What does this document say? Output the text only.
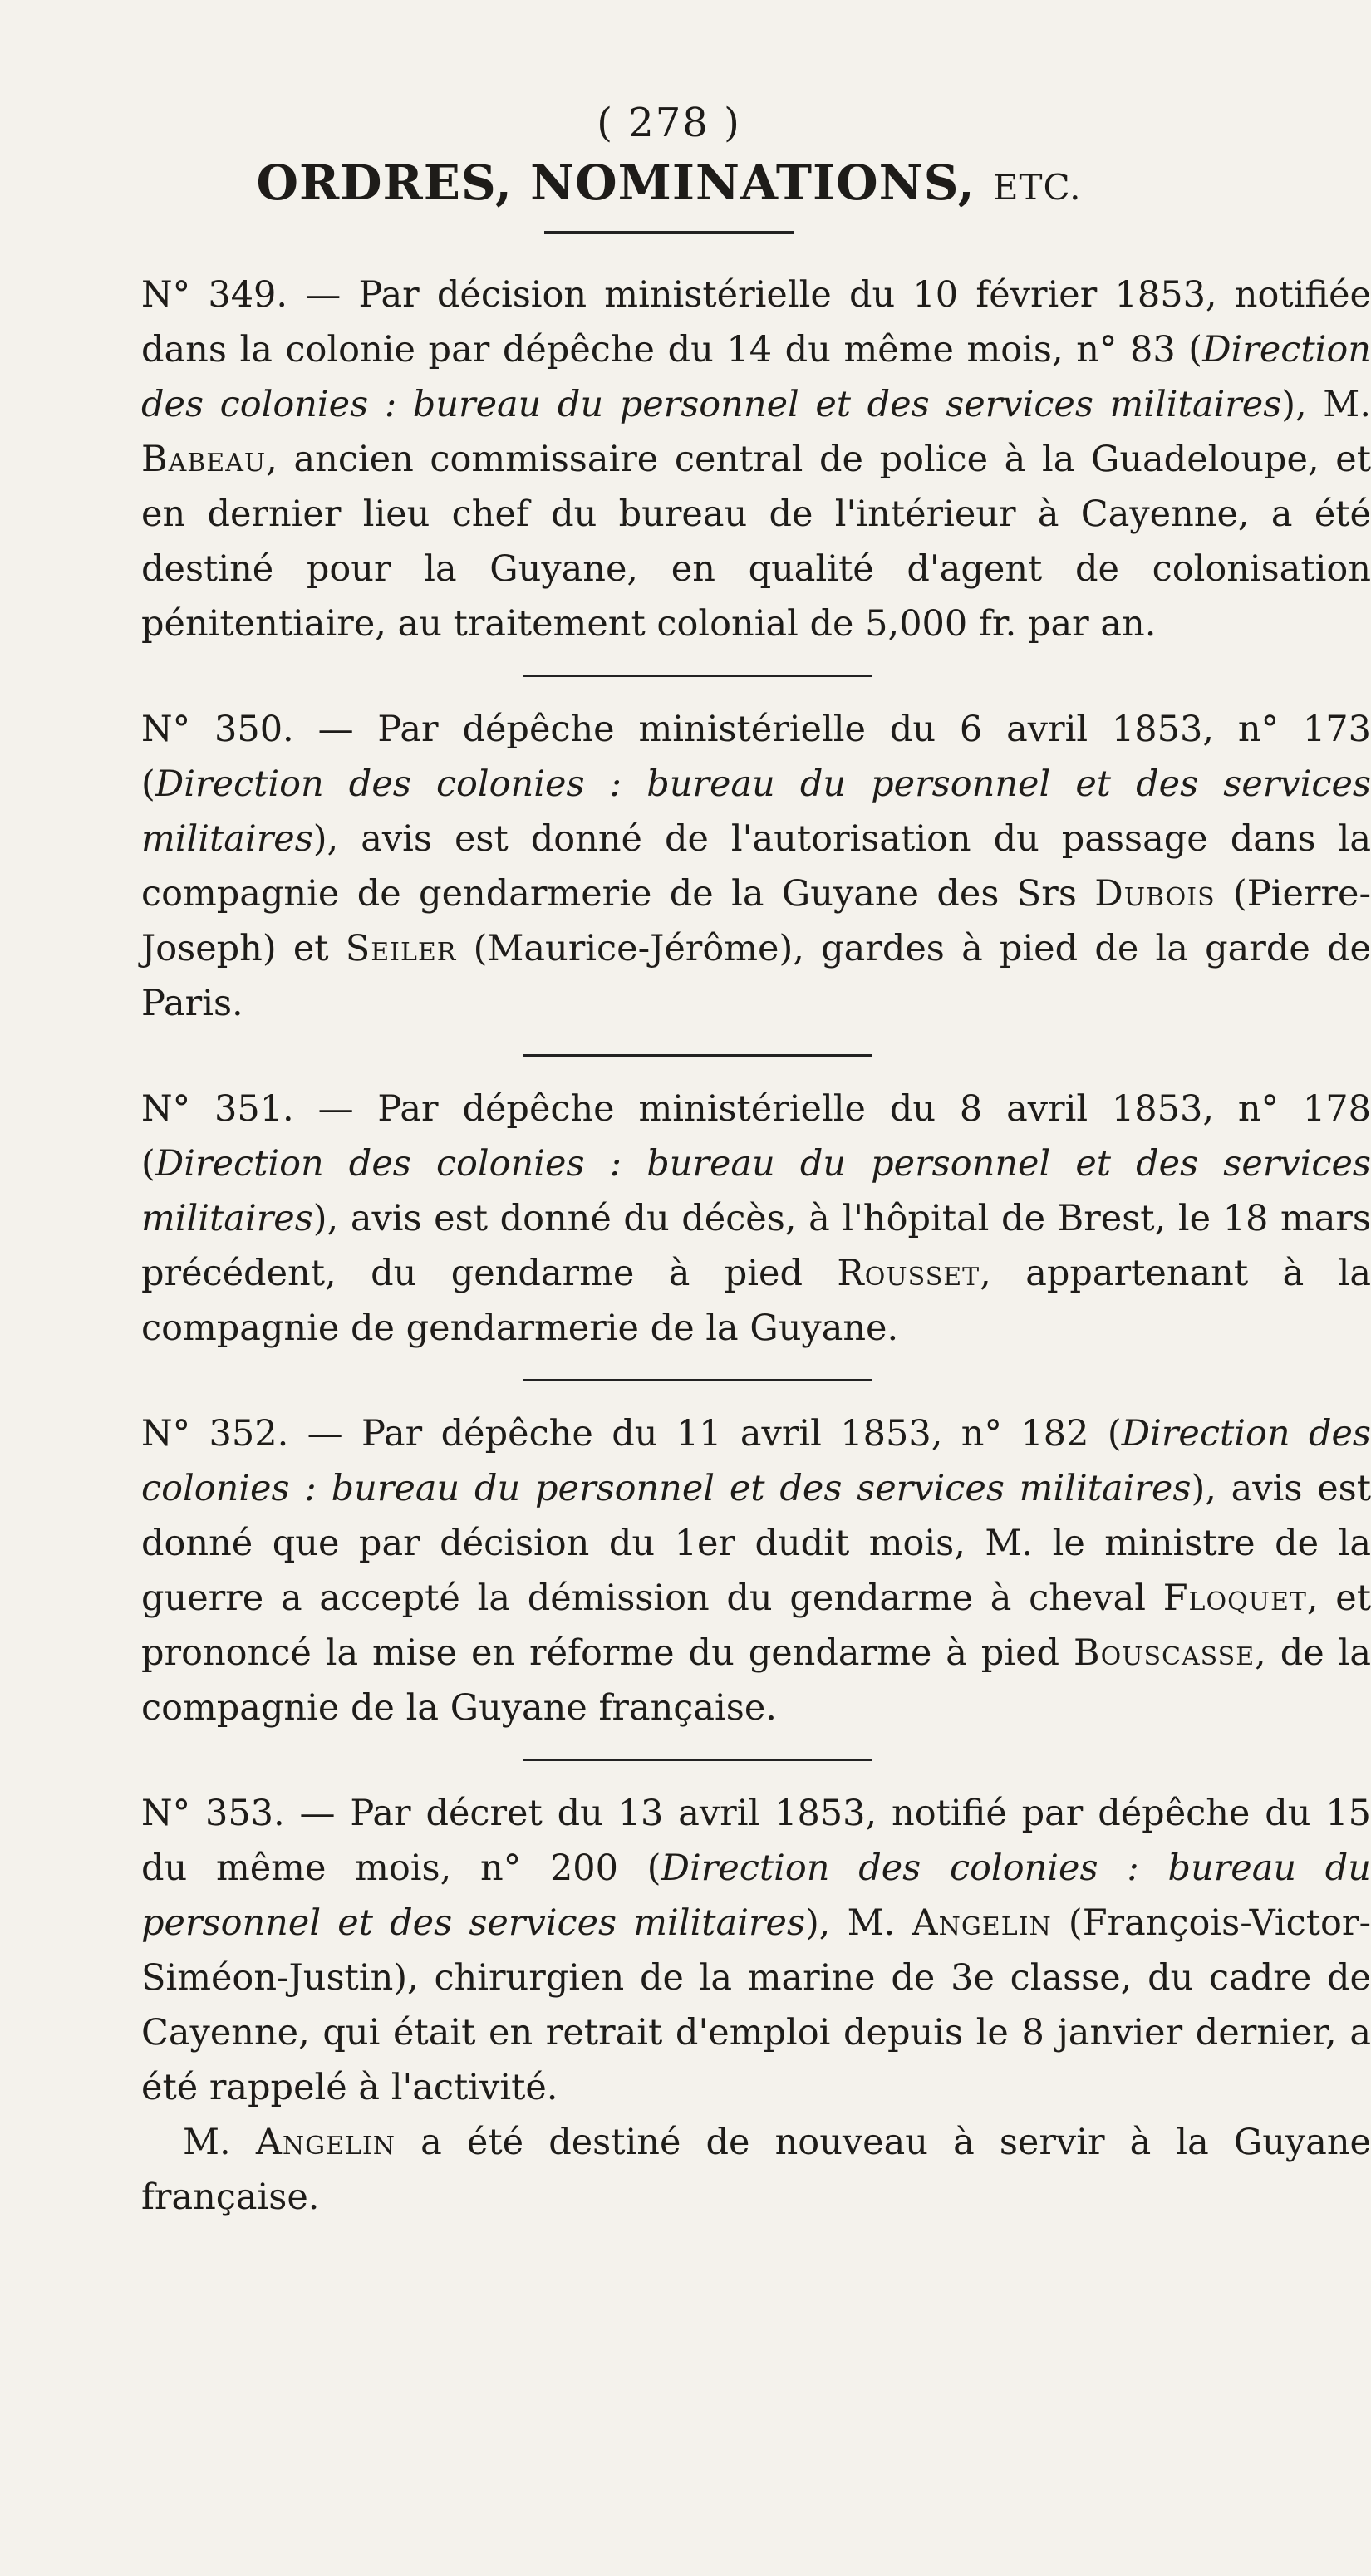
( 278 )
ORDRES, NOMINATIONS, ETC.

N° 349. — Par décision ministérielle du 10 février 1853, notifiée dans la colonie par dépêche du 14 du même mois, n° 83 (Direction des colonies : bureau du personnel et des services militaires), M. Babeau, ancien commissaire central de police à la Guadeloupe, et en dernier lieu chef du bureau de l'intérieur à Cayenne, a été destiné pour la Guyane, en qualité d'agent de colonisation pénitentiaire, au traitement colonial de 5,000 fr. par an.

N° 350. — Par dépêche ministérielle du 6 avril 1853, n° 173 (Direction des colonies : bureau du personnel et des services militaires), avis est donné de l'autorisation du passage dans la compagnie de gendarmerie de la Guyane des Srs Dubois (Pierre-Joseph) et Seiler (Maurice-Jérôme), gardes à pied de la garde de Paris.

N° 351. — Par dépêche ministérielle du 8 avril 1853, n° 178 (Direction des colonies : bureau du personnel et des services militaires), avis est donné du décès, à l'hôpital de Brest, le 18 mars précédent, du gendarme à pied Rousset, appartenant à la compagnie de gendarmerie de la Guyane.

N° 352. — Par dépêche du 11 avril 1853, n° 182 (Direction des colonies : bureau du personnel et des services militaires), avis est donné que par décision du 1er dudit mois, M. le ministre de la guerre a accepté la démission du gendarme à cheval Floquet, et prononcé la mise en réforme du gendarme à pied Bouscasse, de la compagnie de la Guyane française.

N° 353. — Par décret du 13 avril 1853, notifié par dépêche du 15 du même mois, n° 200 (Direction des colonies : bureau du personnel et des services militaires), M. Angelin (François-Victor-Siméon-Justin), chirurgien de la marine de 3e classe, du cadre de Cayenne, qui était en retrait d'emploi depuis le 8 janvier dernier, a été rappelé à l'activité.

M. Angelin a été destiné de nouveau à servir à la Guyane française.
